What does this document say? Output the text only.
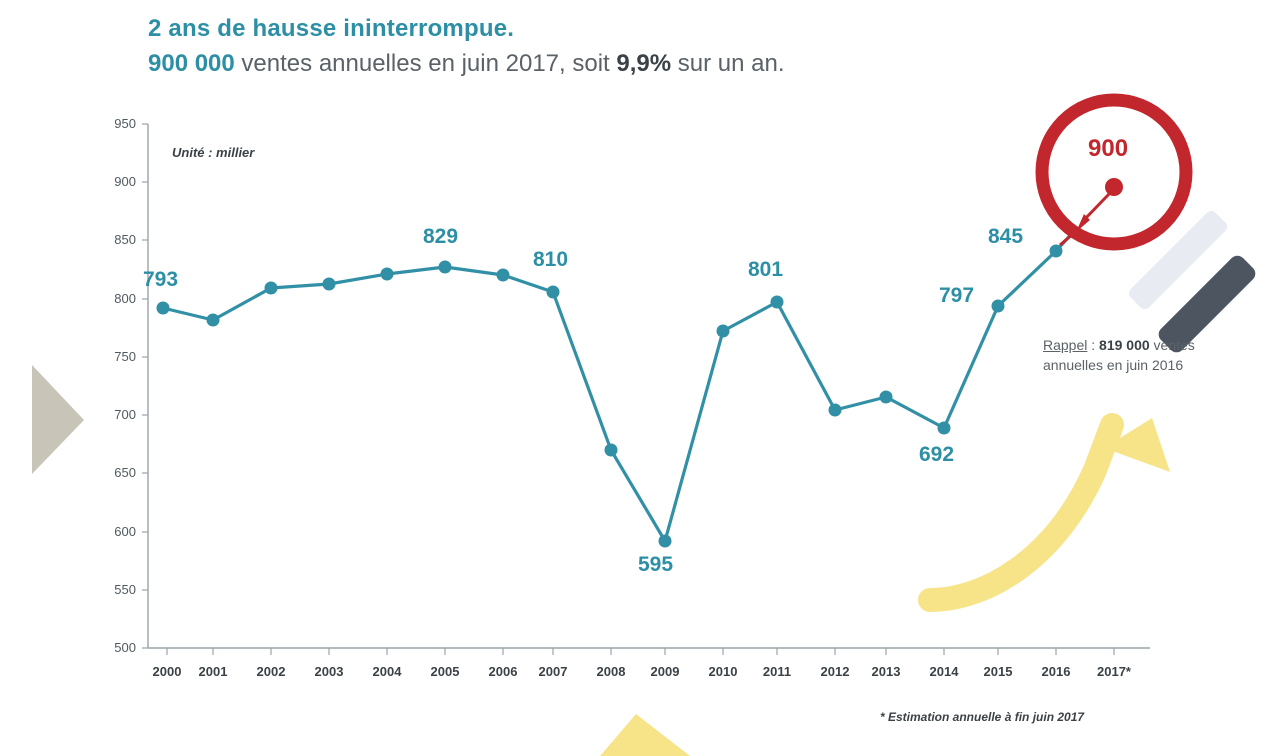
2 ans de hausse ininterrompue.
900 000 ventes annuelles en juin 2017, soit 9,9% sur un an.
950
900
850
800
750
700
650
600
550
500
2000	2001	2002	2003	2004	2005	2006	2007	2008	2009	2010	2011	2012	2013	2014	2015	2016	2017*
Unité : millier
793
829
810
595
801
692
797
845
900
Rappel : 819 000 ventes annuelles en juin 2016
* Estimation annuelle à fin juin 2017
